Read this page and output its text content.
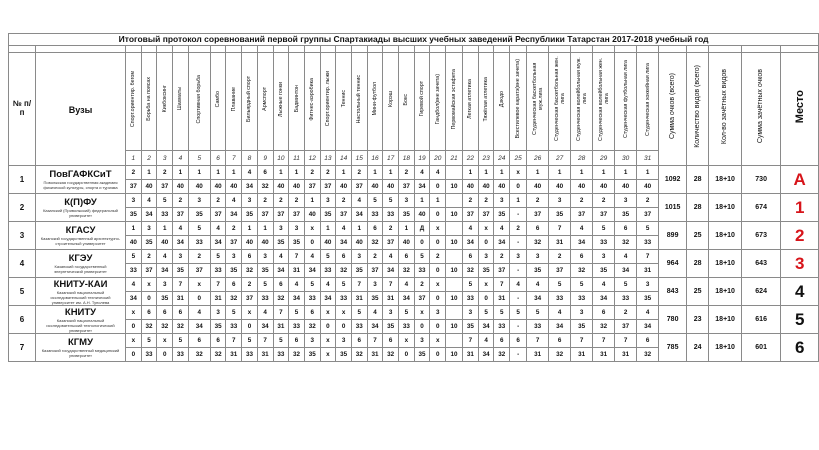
Итоговый протокол соревнований первой группы Спартакиады высших учебных заведений Республики Татарстан 2017-2018 учебный год

№ п/п	Вузы	Спорт.ориентир. бегом	Борьба на поясах	Кикбоксинг	Шахматы	Спортивная борьба	Самбо	Плавание	Бильярдный спорт	Армспорт	Лыжные гонки	Бадминтон	Фитнес-аэробика	Спорт.ориентир. лыжи	Теннис	Настольный теннис	Мини-футбол	Корэш	Бокс	Гиревой спорт	Гандбол(вне зачета)	Первомайская эстафета	Легкая атлетика	Тяжёлая атлетика	Дзюдо	Всестилевое каратэ(вне зачета)	Студенческая баскетбольная муж.лига	Студенческая баскетбольная жен. лига	Студенческая волейбольная муж. лига	Студенческая волейбольная жен. лига	Студенческая футбольная лига	Студенческая хоккейная лига	Сумма очков (всего)	Количество видов (всего)	Кол-во зачётных видов	Сумма зачётных очков	Место
1	2	3	4	5	6	7	8	9	10	11	12	13	14	15	16	17	18	19	20	21	22	23	24	25	26	27	28	29	30	31
1	ПовГАФКСиТ
Поволжская государственная академия физической культуры, спорта и туризма
	2	1	2	1	1	1	1	4	6	1	1	2	2	1	2	1	1	2	4	4		1	1	1	x	1	1	1	1	1	1	1092	28	18+10	730	А
37	40	37	40	40	40	40	34	32	40	40	37	37	40	37	40	40	37	34	0	10	40	40	40	0	40	40	40	40	40	40
2	К(П)ФУ
Казанский (Приволжский) федеральный университет
	3	4	5	2	3	2	4	3	2	2	2	1	3	2	4	5	5	3	1	1		2	2	3	1	2	3	2	2	3	2	1015	28	18+10	674	1
35	34	33	37	35	37	34	35	37	37	37	40	35	37	34	33	33	35	40	0	10	37	37	35	-	37	35	37	37	35	37
3	КГАСУ
Казанский государственный архитектурно-строительный университет
	1	3	1	4	5	4	2	1	1	3	3	x	1	4	1	6	2	1	Д	x		4	x	4	2	6	7	4	5	6	5	899	25	18+10	673	2
40	35	40	34	33	34	37	40	40	35	35	0	40	34	40	32	37	40	0	0	10	34	0	34	-	32	31	34	33	32	33
4	КГЭУ
Казанский государственный энергетический университет
	5	2	4	3	2	5	3	6	3	4	7	4	5	6	3	2	4	6	5	2		6	3	2	3	3	2	6	3	4	7	964	28	18+10	643	3
33	37	34	35	37	33	35	32	35	34	31	34	33	32	35	37	34	32	33	0	10	32	35	37	-	35	37	32	35	34	31
5	
КНИТУ-КАИ
Казанский национальный исследовательский технический университет им. А.Н. Туполева
	4	x	3	7	x	7	6	2	5	6	4	5	4	5	7	3	7	4	2	x		5	x	7	4	4	5	5	4	5	3	843	25	18+10	624	4
34	0	35	31	0	31	32	37	33	32	34	33	34	33	31	35	31	34	37	0	10	33	0	31	-	34	33	33	34	33	35
6	
КНИТУ
Казанский национальный исследовательский технологический университет
	x	6	6	6	4	3	5	x	4	7	5	6	x	x	5	4	3	5	x	3		3	5	5	5	5	4	3	6	2	4	780	23	18+10	616	5
0	32	32	32	34	35	33	0	34	31	33	32	0	0	33	34	35	33	0	0	10	35	34	33	-	33	34	35	32	37	34
7	КГМУ
Казанский государственный медицинский университет
	x	5	x	5	6	6	7	5	7	5	6	3	x	3	6	7	6	x	3	x		7	4	6	6	7	6	7	7	7	6	785	24	18+10	601	6
0	33	0	33	32	32	31	33	31	33	32	35	x	35	32	31	32	0	35	0	10	31	34	32	-	31	32	31	31	31	32
